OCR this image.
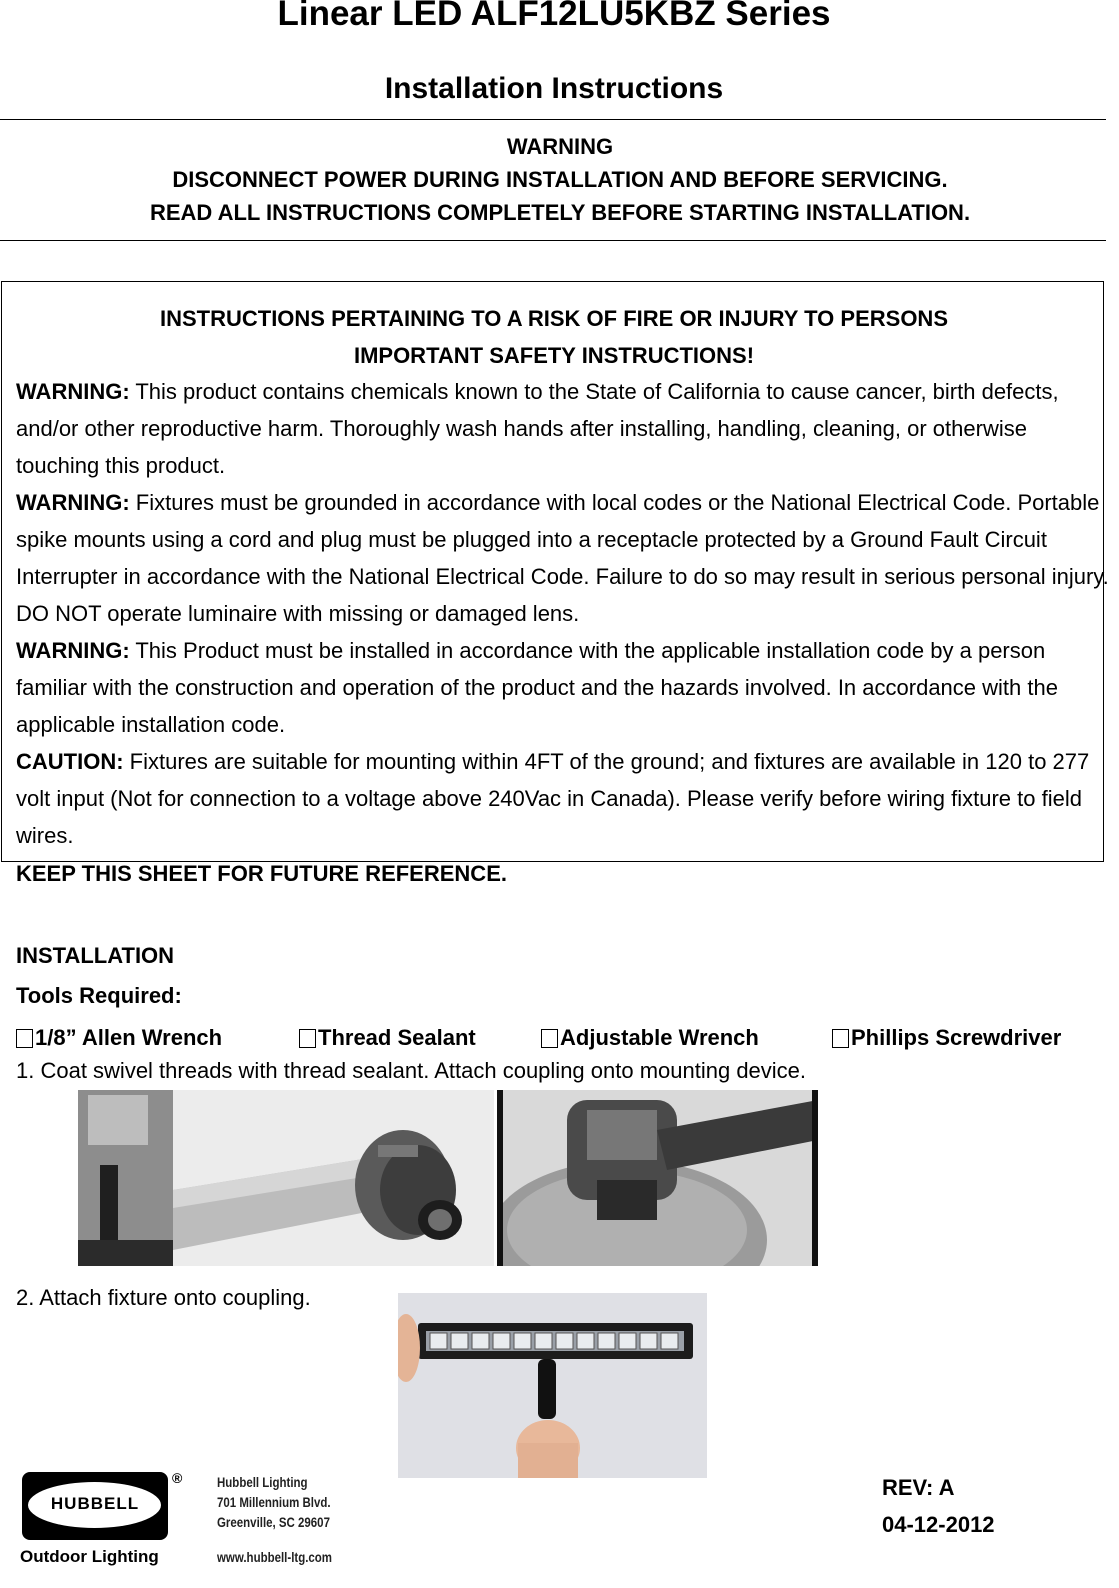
Linear LED ALF12LU5KBZ Series
Installation Instructions
WARNING
DISCONNECT POWER DURING INSTALLATION AND BEFORE SERVICING.
READ ALL INSTRUCTIONS COMPLETELY BEFORE STARTING INSTALLATION.
INSTRUCTIONS PERTAINING TO A RISK OF FIRE OR INJURY TO PERSONS
IMPORTANT SAFETY INSTRUCTIONS!

WARNING: This product contains chemicals known to the State of California to cause cancer, birth defects, and/or other reproductive harm. Thoroughly wash hands after installing, handling, cleaning, or otherwise touching this product.

WARNING: Fixtures must be grounded in accordance with local codes or the National Electrical Code. Portable spike mounts using a cord and plug must be plugged into a receptacle protected by a Ground Fault Circuit Interrupter in accordance with the National Electrical Code. Failure to do so may result in serious personal injury. DO NOT operate luminaire with missing or damaged lens.

WARNING: This Product must be installed in accordance with the applicable installation code by a person familiar with the construction and operation of the product and the hazards involved. In accordance with the applicable installation code.

CAUTION: Fixtures are suitable for mounting within 4FT of the ground; and fixtures are available in 120 to 277 volt input (Not for connection to a voltage above 240Vac in Canada). Please verify before wiring fixture to field wires.

KEEP THIS SHEET FOR FUTURE REFERENCE.
INSTALLATION
Tools Required:
1/8” Allen Wrench	Thread Sealant	Adjustable Wrench	Phillips Screwdriver
1. Coat swivel threads with thread sealant. Attach coupling onto mounting device.
2. Attach fixture onto coupling.
HUBBELL
®
Outdoor Lighting
Hubbell Lighting
701 Millennium Blvd.
Greenville, SC 29607
www.hubbell-ltg.com
REV: A
04-12-2012
